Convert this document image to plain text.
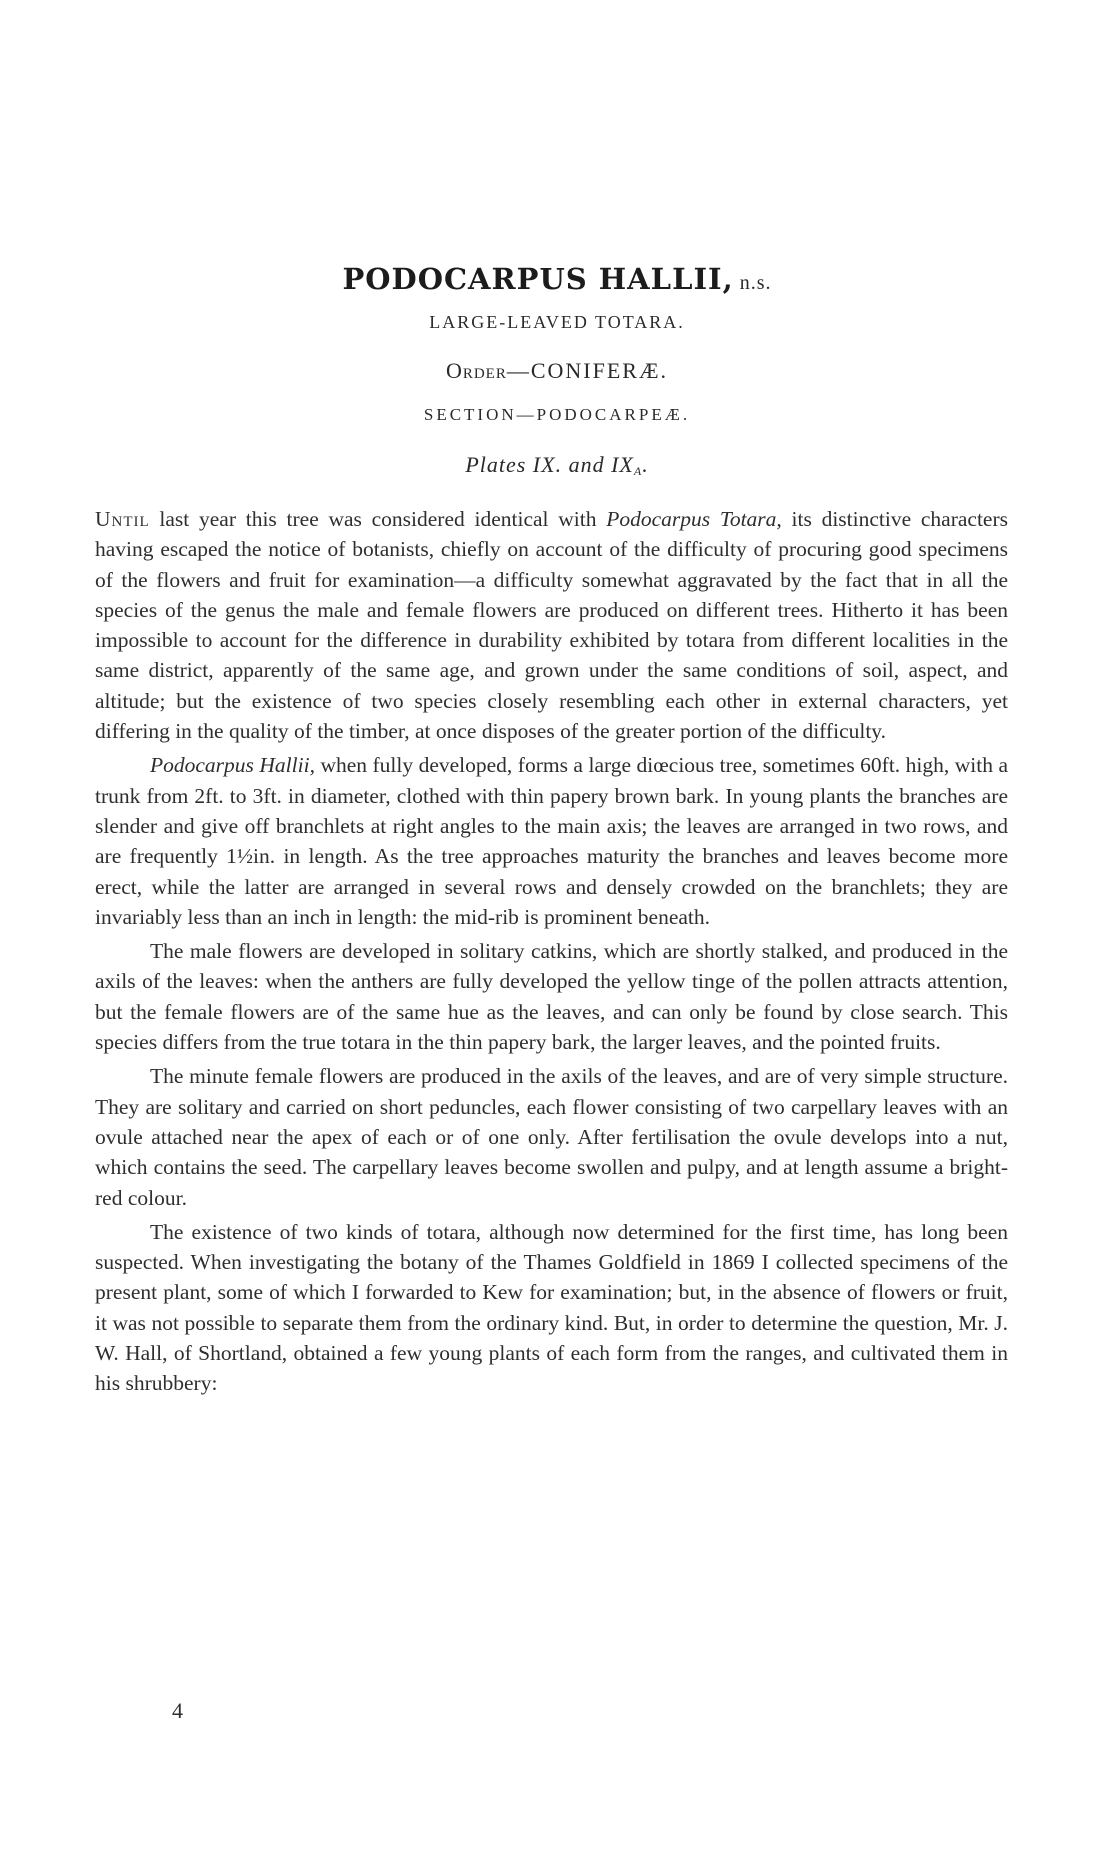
PODOCARPUS HALLII, n.s.
LARGE-LEAVED TOTARA.
Order—CONIFERÆ.
SECTION—PODOCARPEÆ.
Plates IX. and $IX_A$.

Until last year this tree was considered identical with Podocarpus Totara, its distinctive characters having escaped the notice of botanists, chiefly on account of the difficulty of procuring good specimens of the flowers and fruit for examination—a difficulty somewhat aggravated by the fact that in all the species of the genus the male and female flowers are produced on different trees. Hitherto it has been impossible to account for the difference in durability exhibited by totara from different localities in the same district, apparently of the same age, and grown under the same conditions of soil, aspect, and altitude; but the existence of two species closely resembling each other in external characters, yet differing in the quality of the timber, at once disposes of the greater portion of the difficulty.

Podocarpus Hallii, when fully developed, forms a large diœcious tree, sometimes 60ft. high, with a trunk from 2ft. to 3ft. in diameter, clothed with thin papery brown bark. In young plants the branches are slender and give off branchlets at right angles to the main axis; the leaves are arranged in two rows, and are frequently 1½in. in length. As the tree approaches maturity the branches and leaves become more erect, while the latter are arranged in several rows and densely crowded on the branchlets; they are invariably less than an inch in length: the mid-rib is prominent beneath.

The male flowers are developed in solitary catkins, which are shortly stalked, and produced in the axils of the leaves: when the anthers are fully developed the yellow tinge of the pollen attracts attention, but the female flowers are of the same hue as the leaves, and can only be found by close search. This species differs from the true totara in the thin papery bark, the larger leaves, and the pointed fruits.

The minute female flowers are produced in the axils of the leaves, and are of very simple structure. They are solitary and carried on short peduncles, each flower consisting of two carpellary leaves with an ovule attached near the apex of each or of one only. After fertilisation the ovule develops into a nut, which contains the seed. The carpellary leaves become swollen and pulpy, and at length assume a bright-red colour.

The existence of two kinds of totara, although now determined for the first time, has long been suspected. When investigating the botany of the Thames Goldfield in 1869 I collected specimens of the present plant, some of which I forwarded to Kew for examination; but, in the absence of flowers or fruit, it was not possible to separate them from the ordinary kind. But, in order to determine the question, Mr. J. W. Hall, of Shortland, obtained a few young plants of each form from the ranges, and cultivated them in his shrubbery:

4
